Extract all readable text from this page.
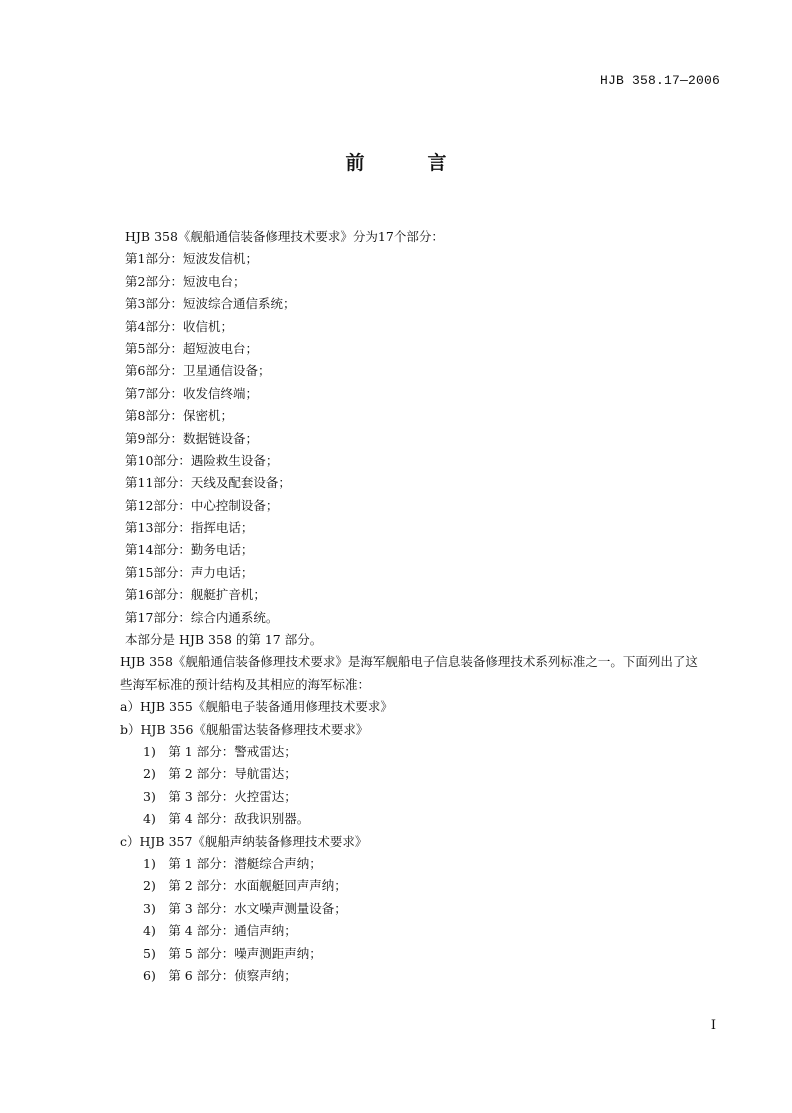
HJB 358.17—2006
前　言
HJB 358《舰船通信装备修理技术要求》分为17个部分：
第1部分：短波发信机；
第2部分：短波电台；
第3部分：短波综合通信系统；
第4部分：收信机；
第5部分：超短波电台；
第6部分：卫星通信设备；
第7部分：收发信终端；
第8部分：保密机；
第9部分：数据链设备；
第10部分：遇险救生设备；
第11部分：天线及配套设备；
第12部分：中心控制设备；
第13部分：指挥电话；
第14部分：勤务电话；
第15部分：声力电话；
第16部分：舰艇扩音机；
第17部分：综合内通系统。
本部分是 HJB 358 的第 17 部分。
HJB 358《舰船通信装备修理技术要求》是海军舰船电子信息装备修理技术系列标准之一。下面列出了这些海军标准的预计结构及其相应的海军标准：
a）HJB 355《舰船电子装备通用修理技术要求》
b）HJB 356《舰船雷达装备修理技术要求》
1)　第 1 部分：警戒雷达；
2)　第 2 部分：导航雷达；
3)　第 3 部分：火控雷达；
4)　第 4 部分：敌我识别器。
c）HJB 357《舰船声纳装备修理技术要求》
1)　第 1 部分：潜艇综合声纳；
2)　第 2 部分：水面舰艇回声声纳；
3)　第 3 部分：水文噪声测量设备；
4)　第 4 部分：通信声纳；
5)　第 5 部分：噪声测距声纳；
6)　第 6 部分：侦察声纳；
I
